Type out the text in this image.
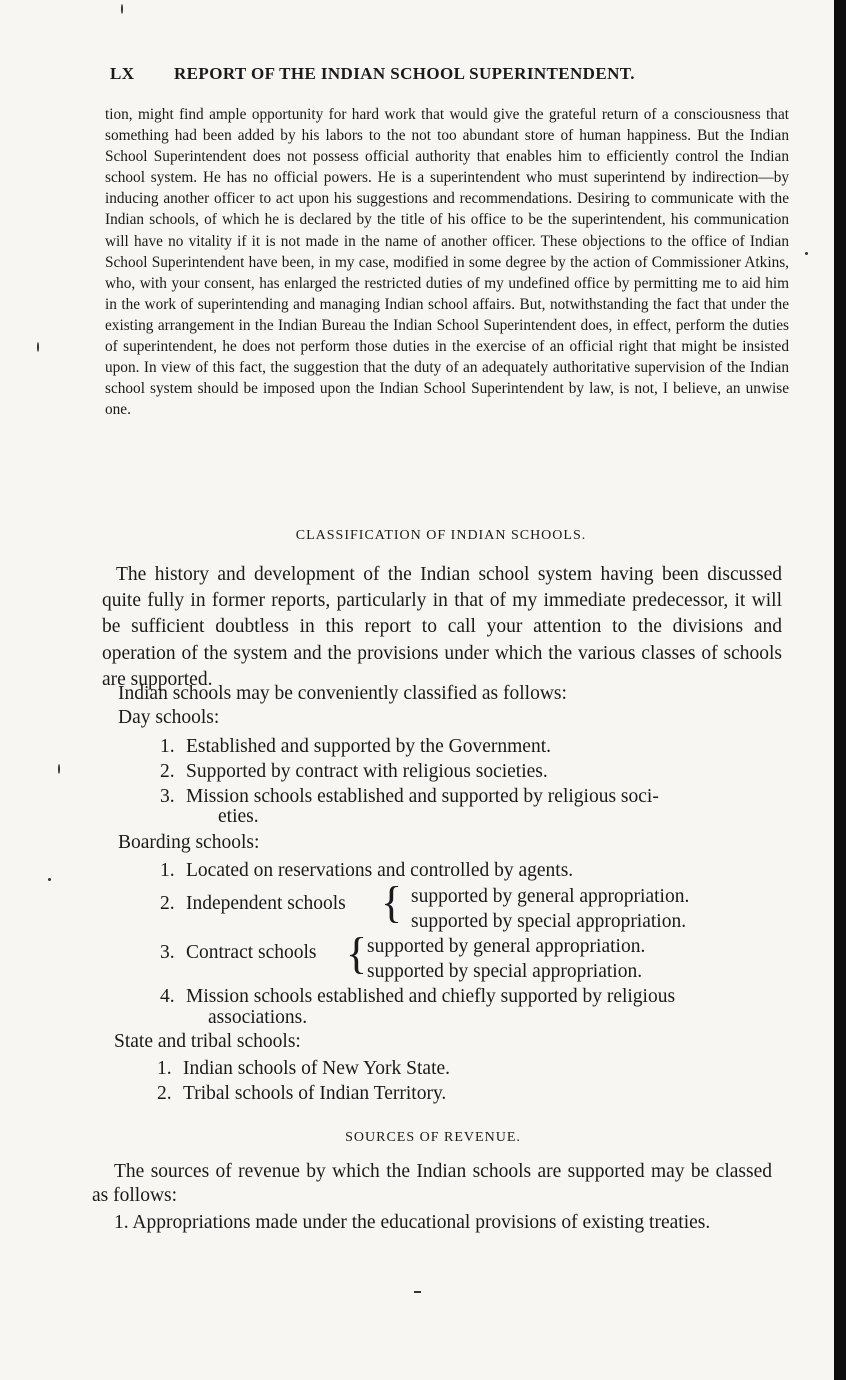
LX REPORT OF THE INDIAN SCHOOL SUPERINTENDENT.
tion, might find ample opportunity for hard work that would give the grateful return of a consciousness that something had been added by his labors to the not too abundant store of human happiness. But the Indian School Superintendent does not possess official authority that enables him to efficiently control the Indian school system. He has no official powers. He is a superintendent who must superintend by indirection—by inducing another officer to act upon his suggestions and recommendations. Desiring to communicate with the Indian schools, of which he is declared by the title of his office to be the superintendent, his communication will have no vitality if it is not made in the name of another officer. These objections to the office of Indian School Superintendent have been, in my case, modified in some degree by the action of Commissioner Atkins, who, with your consent, has enlarged the restricted duties of my undefined office by permitting me to aid him in the work of superintending and managing Indian school affairs. But, notwithstanding the fact that under the existing arrangement in the Indian Bureau the Indian School Superintendent does, in effect, perform the duties of superintendent, he does not perform those duties in the exercise of an official right that might be insisted upon. In view of this fact, the suggestion that the duty of an adequately authoritative supervision of the Indian school system should be imposed upon the Indian School Superintendent by law, is not, I believe, an unwise one.
CLASSIFICATION OF INDIAN SCHOOLS.
The history and development of the Indian school system having been discussed quite fully in former reports, particularly in that of my immediate predecessor, it will be sufficient doubtless in this report to call your attention to the divisions and operation of the system and the provisions under which the various classes of schools are supported.
Indian schools may be conveniently classified as follows:
Day schools:
1. Established and supported by the Government.
2. Supported by contract with religious societies.
3. Mission schools established and supported by religious soci-
eties.
Boarding schools:
1. Located on reservations and controlled by agents.
2. Independent schools { supported by general appropriation.
supported by special appropriation.
3. Contract schools { supported by general appropriation.
supported by special appropriation.
4. Mission schools established and chiefly supported by religious
associations.
State and tribal schools:
1. Indian schools of New York State.
2. Tribal schools of Indian Territory.
SOURCES OF REVENUE.
The sources of revenue by which the Indian schools are supported may be classed as follows:
1. Appropriations made under the educational provisions of existing treaties.
